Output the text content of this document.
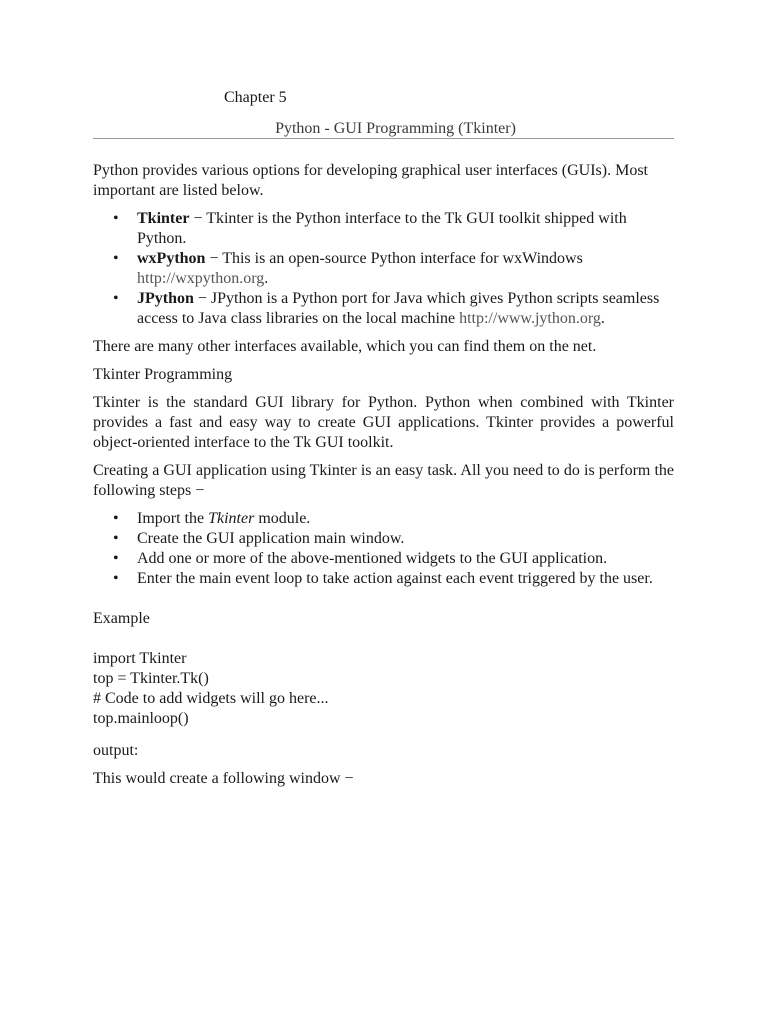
Chapter 5
Python - GUI Programming (Tkinter)

Python provides various options for developing graphical user interfaces (GUIs). Most important are listed below.

• Tkinter − Tkinter is the Python interface to the Tk GUI toolkit shipped with Python.
• wxPython − This is an open-source Python interface for wxWindows http://wxpython.org.
• JPython − JPython is a Python port for Java which gives Python scripts seamless access to Java class libraries on the local machine http://www.jython.org.

There are many other interfaces available, which you can find them on the net.

Tkinter Programming

Tkinter is the standard GUI library for Python. Python when combined with Tkinter provides a fast and easy way to create GUI applications. Tkinter provides a powerful object-oriented interface to the Tk GUI toolkit.

Creating a GUI application using Tkinter is an easy task. All you need to do is perform the following steps −

• Import the Tkinter module.
• Create the GUI application main window.
• Add one or more of the above-mentioned widgets to the GUI application.
• Enter the main event loop to take action against each event triggered by the user.

Example

import Tkinter

top = Tkinter.Tk()

# Code to add widgets will go here...

top.mainloop()

output:

This would create a following window −
